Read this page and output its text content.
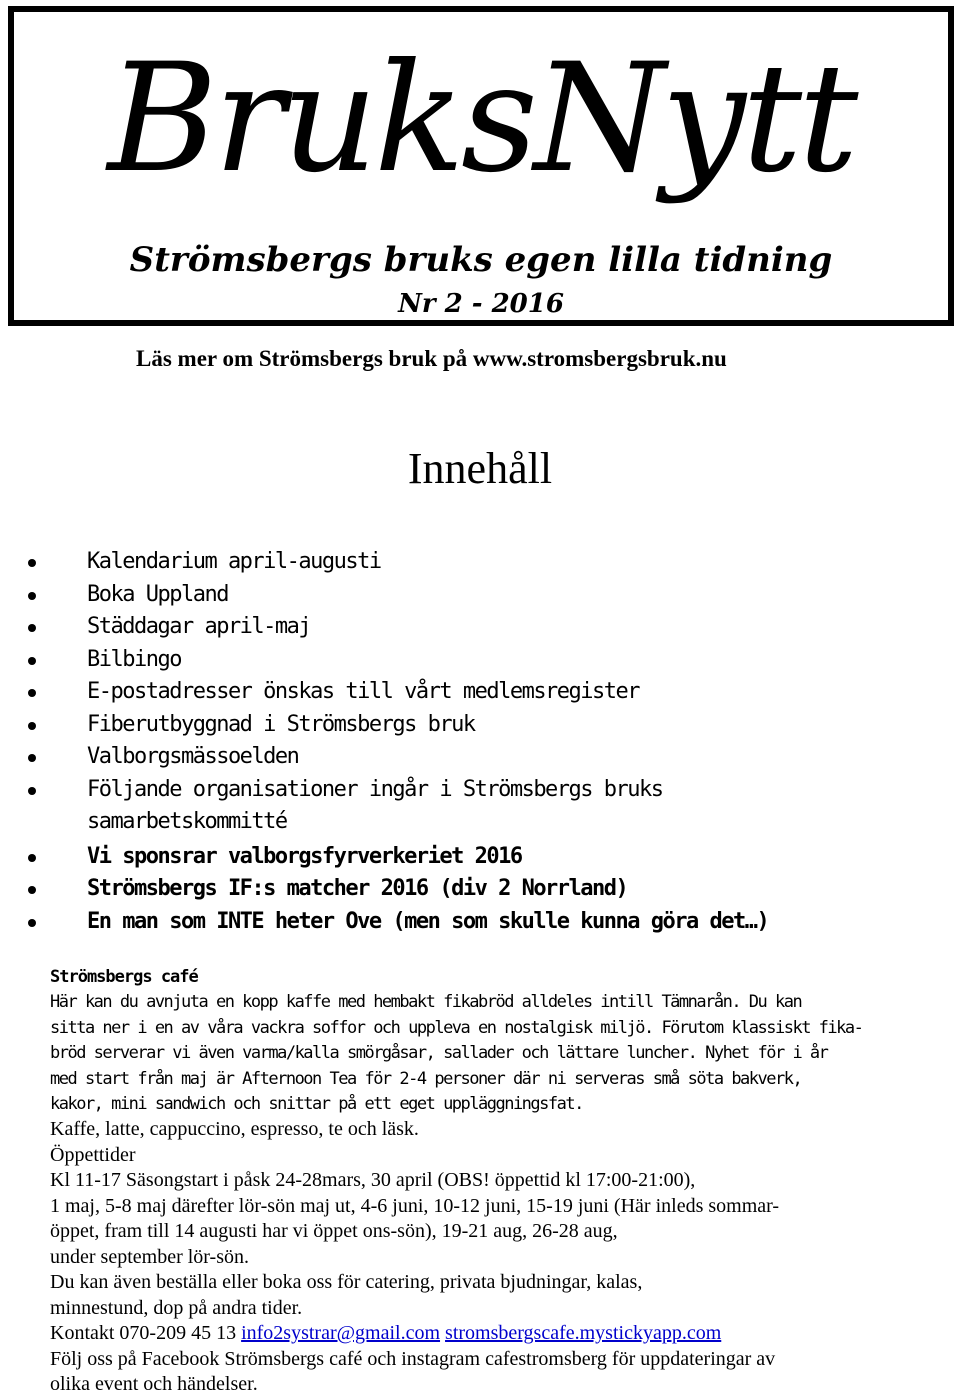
BruksNytt
Strömsbergs bruks egen lilla tidning
Nr 2 - 2016
Läs mer om Strömsbergs bruk på www.stromsbergsbruk.nu
Innehåll
Kalendarium april-augusti
Boka Uppland
Städdagar april-maj
Bilbingo
E-postadresser önskas till vårt medlemsregister
Fiberutbyggnad i Strömsbergs bruk
Valborgsmässoelden
Följande organisationer ingår i Strömsbergs bruks
samarbetskommitté
Vi sponsrar valborgsfyrverkeriet 2016
Strömsbergs IF:s matcher 2016 (div 2 Norrland)
En man som INTE heter Ove (men som skulle kunna göra det…)
Strömsbergs café
Här kan du avnjuta en kopp kaffe med hembakt fikabröd alldeles intill Tämnarån. Du kan
sitta ner i en av våra vackra soffor och uppleva en nostalgisk miljö. Förutom klassiskt fika-
bröd serverar vi även varma/kalla smörgåsar, sallader och lättare luncher. Nyhet för i år
med start från maj är Afternoon Tea för 2-4 personer där ni serveras små söta bakverk,
kakor, mini sandwich och snittar på ett eget uppläggningsfat.
Kaffe, latte, cappuccino, espresso, te och läsk.
Öppettider
Kl 11-17 Säsongstart i påsk 24-28mars, 30 april (OBS! öppettid kl 17:00-21:00),
1 maj, 5-8 maj därefter lör-sön maj ut, 4-6 juni, 10-12 juni, 15-19 juni (Här inleds sommar-
öppet, fram till 14 augusti har vi öppet ons-sön), 19-21 aug, 26-28 aug,
under september lör-sön.
Du kan även beställa eller boka oss för catering, privata bjudningar, kalas,
minnestund, dop på andra tider.
Kontakt 070-209 45 13 info2systrar@gmail.com stromsbergscafe.mystickyapp.com
Följ oss på Facebook Strömsbergs café och instagram cafestromsberg för uppdateringar av
olika event och händelser.
